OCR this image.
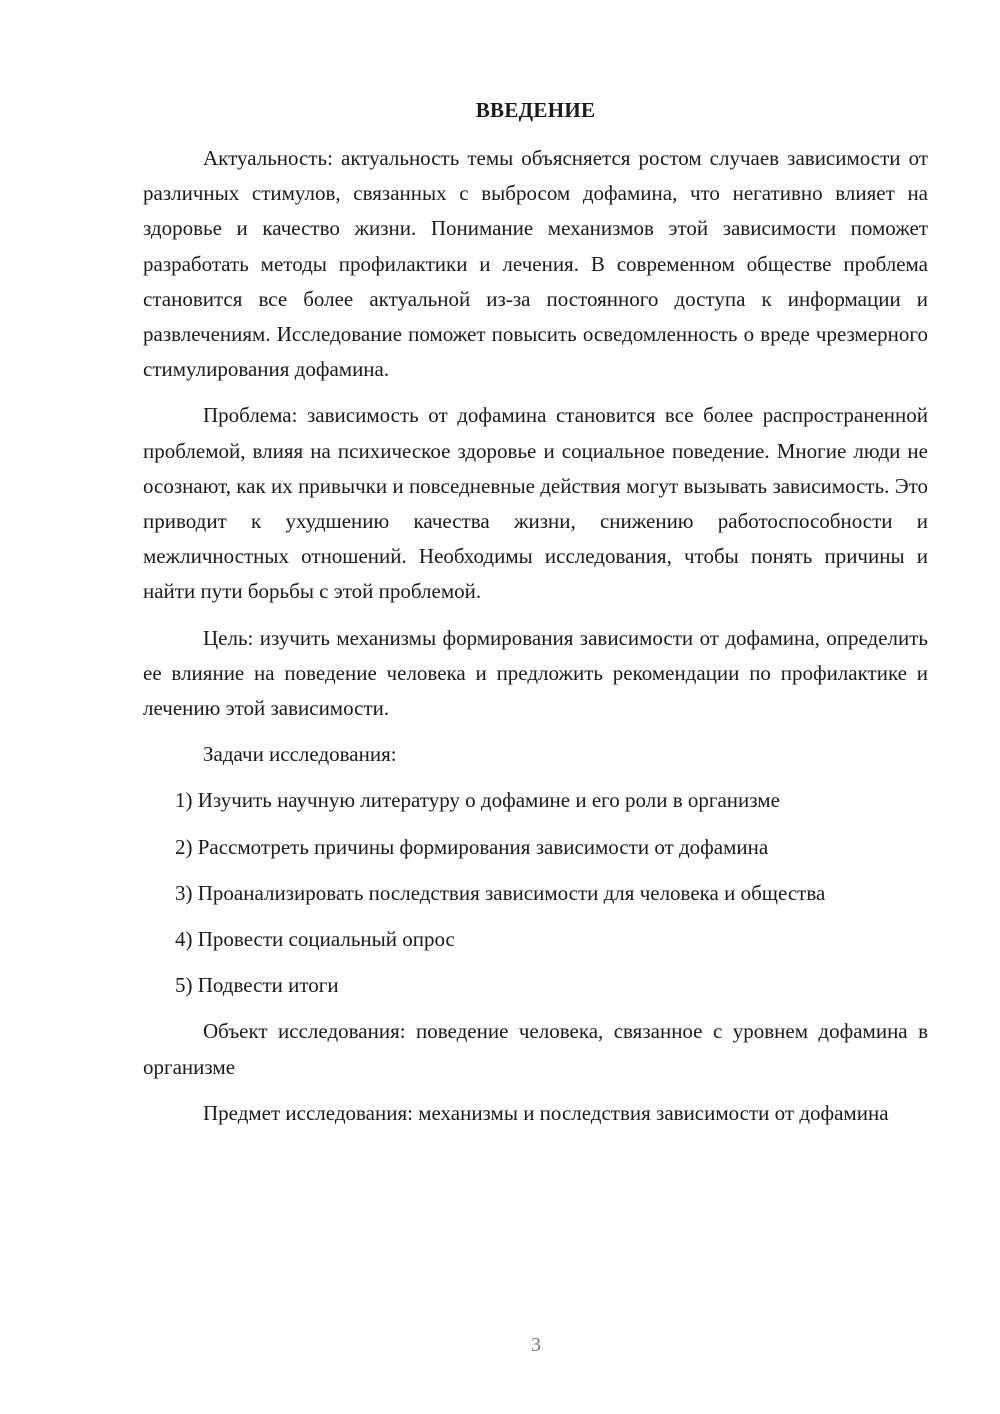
ВВЕДЕНИЕ

Актуальность: актуальность темы объясняется ростом случаев зависимости от различных стимулов, связанных с выбросом дофамина, что негативно влияет на здоровье и качество жизни. Понимание механизмов этой зависимости поможет разработать методы профилактики и лечения. В современном обществе проблема становится все более актуальной из-за постоянного доступа к информации и развлечениям. Исследование поможет повысить осведомленность о вреде чрезмерного стимулирования дофамина.

Проблема: зависимость от дофамина становится все более распространенной проблемой, влияя на психическое здоровье и социальное поведение. Многие люди не осознают, как их привычки и повседневные действия могут вызывать зависимость. Это приводит к ухудшению качества жизни, снижению работоспособности и межличностных отношений. Необходимы исследования, чтобы понять причины и найти пути борьбы с этой проблемой.

Цель: изучить механизмы формирования зависимости от дофамина, определить ее влияние на поведение человека и предложить рекомендации по профилактике и лечению этой зависимости.

Задачи исследования:

1) Изучить научную литературу о дофамине и его роли в организме

2) Рассмотреть причины формирования зависимости от дофамина

3) Проанализировать последствия зависимости для человека и общества

4) Провести социальный опрос

5) Подвести итоги

Объект исследования: поведение человека, связанное с уровнем дофамина в организме

Предмет исследования: механизмы и последствия зависимости от дофамина

3
